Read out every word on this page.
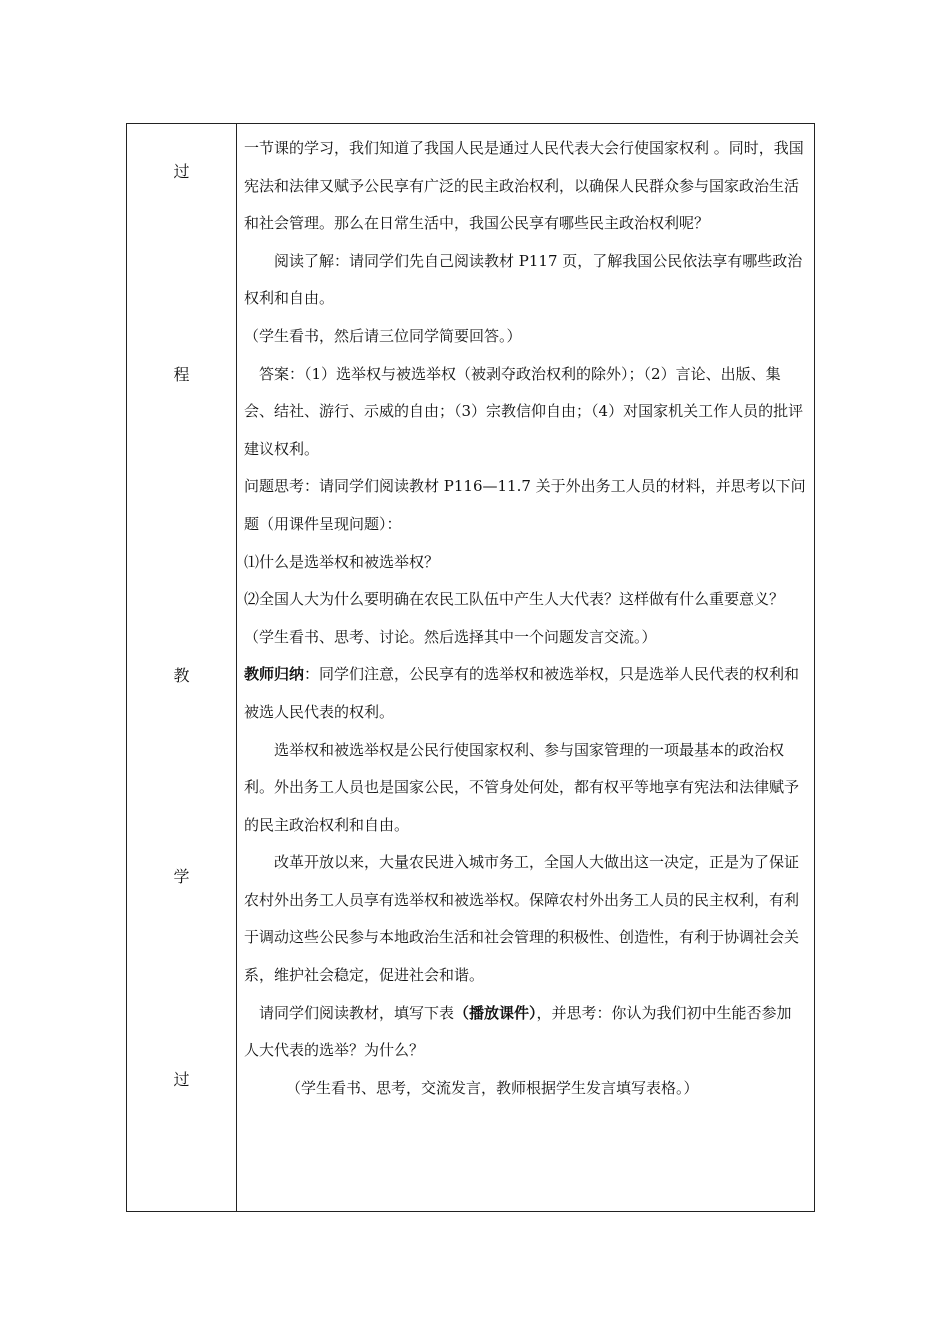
过
程
教
学
过

一节课的学习，我们知道了我国人民是通过人民代表大会行使国家权利 。同时，我国宪法和法律又赋予公民享有广泛的民主政治权利，以确保人民群众参与国家政治生活和社会管理。那么在日常生活中，我国公民享有哪些民主政治权利呢？

阅读了解：请同学们先自己阅读教材 P117 页，了解我国公民依法享有哪些政治权利和自由。

（学生看书，然后请三位同学简要回答。）

答案：（1）选举权与被选举权（被剥夺政治权利的除外）；（2）言论、出版、集会、结社、游行、示威的自由；（3）宗教信仰自由；（4）对国家机关工作人员的批评建议权利。

问题思考：请同学们阅读教材 P116—11.7 关于外出务工人员的材料，并思考以下问题（用课件呈现问题）：

⑴什么是选举权和被选举权？

⑵全国人大为什么要明确在农民工队伍中产生人大代表？这样做有什么重要意义？

（学生看书、思考、讨论。然后选择其中一个问题发言交流。）

教师归纳：同学们注意，公民享有的选举权和被选举权，只是选举人民代表的权利和被选人民代表的权利。

选举权和被选举权是公民行使国家权利、参与国家管理的一项最基本的政治权利。外出务工人员也是国家公民，不管身处何处，都有权平等地享有宪法和法律赋予的民主政治权利和自由。

改革开放以来，大量农民进入城市务工，全国人大做出这一决定，正是为了保证农村外出务工人员享有选举权和被选举权。保障农村外出务工人员的民主权利，有利于调动这些公民参与本地政治生活和社会管理的积极性、创造性，有利于协调社会关系，维护社会稳定，促进社会和谐。

请同学们阅读教材，填写下表（播放课件），并思考：你认为我们初中生能否参加人大代表的选举？为什么？

（学生看书、思考，交流发言，教师根据学生发言填写表格。）
